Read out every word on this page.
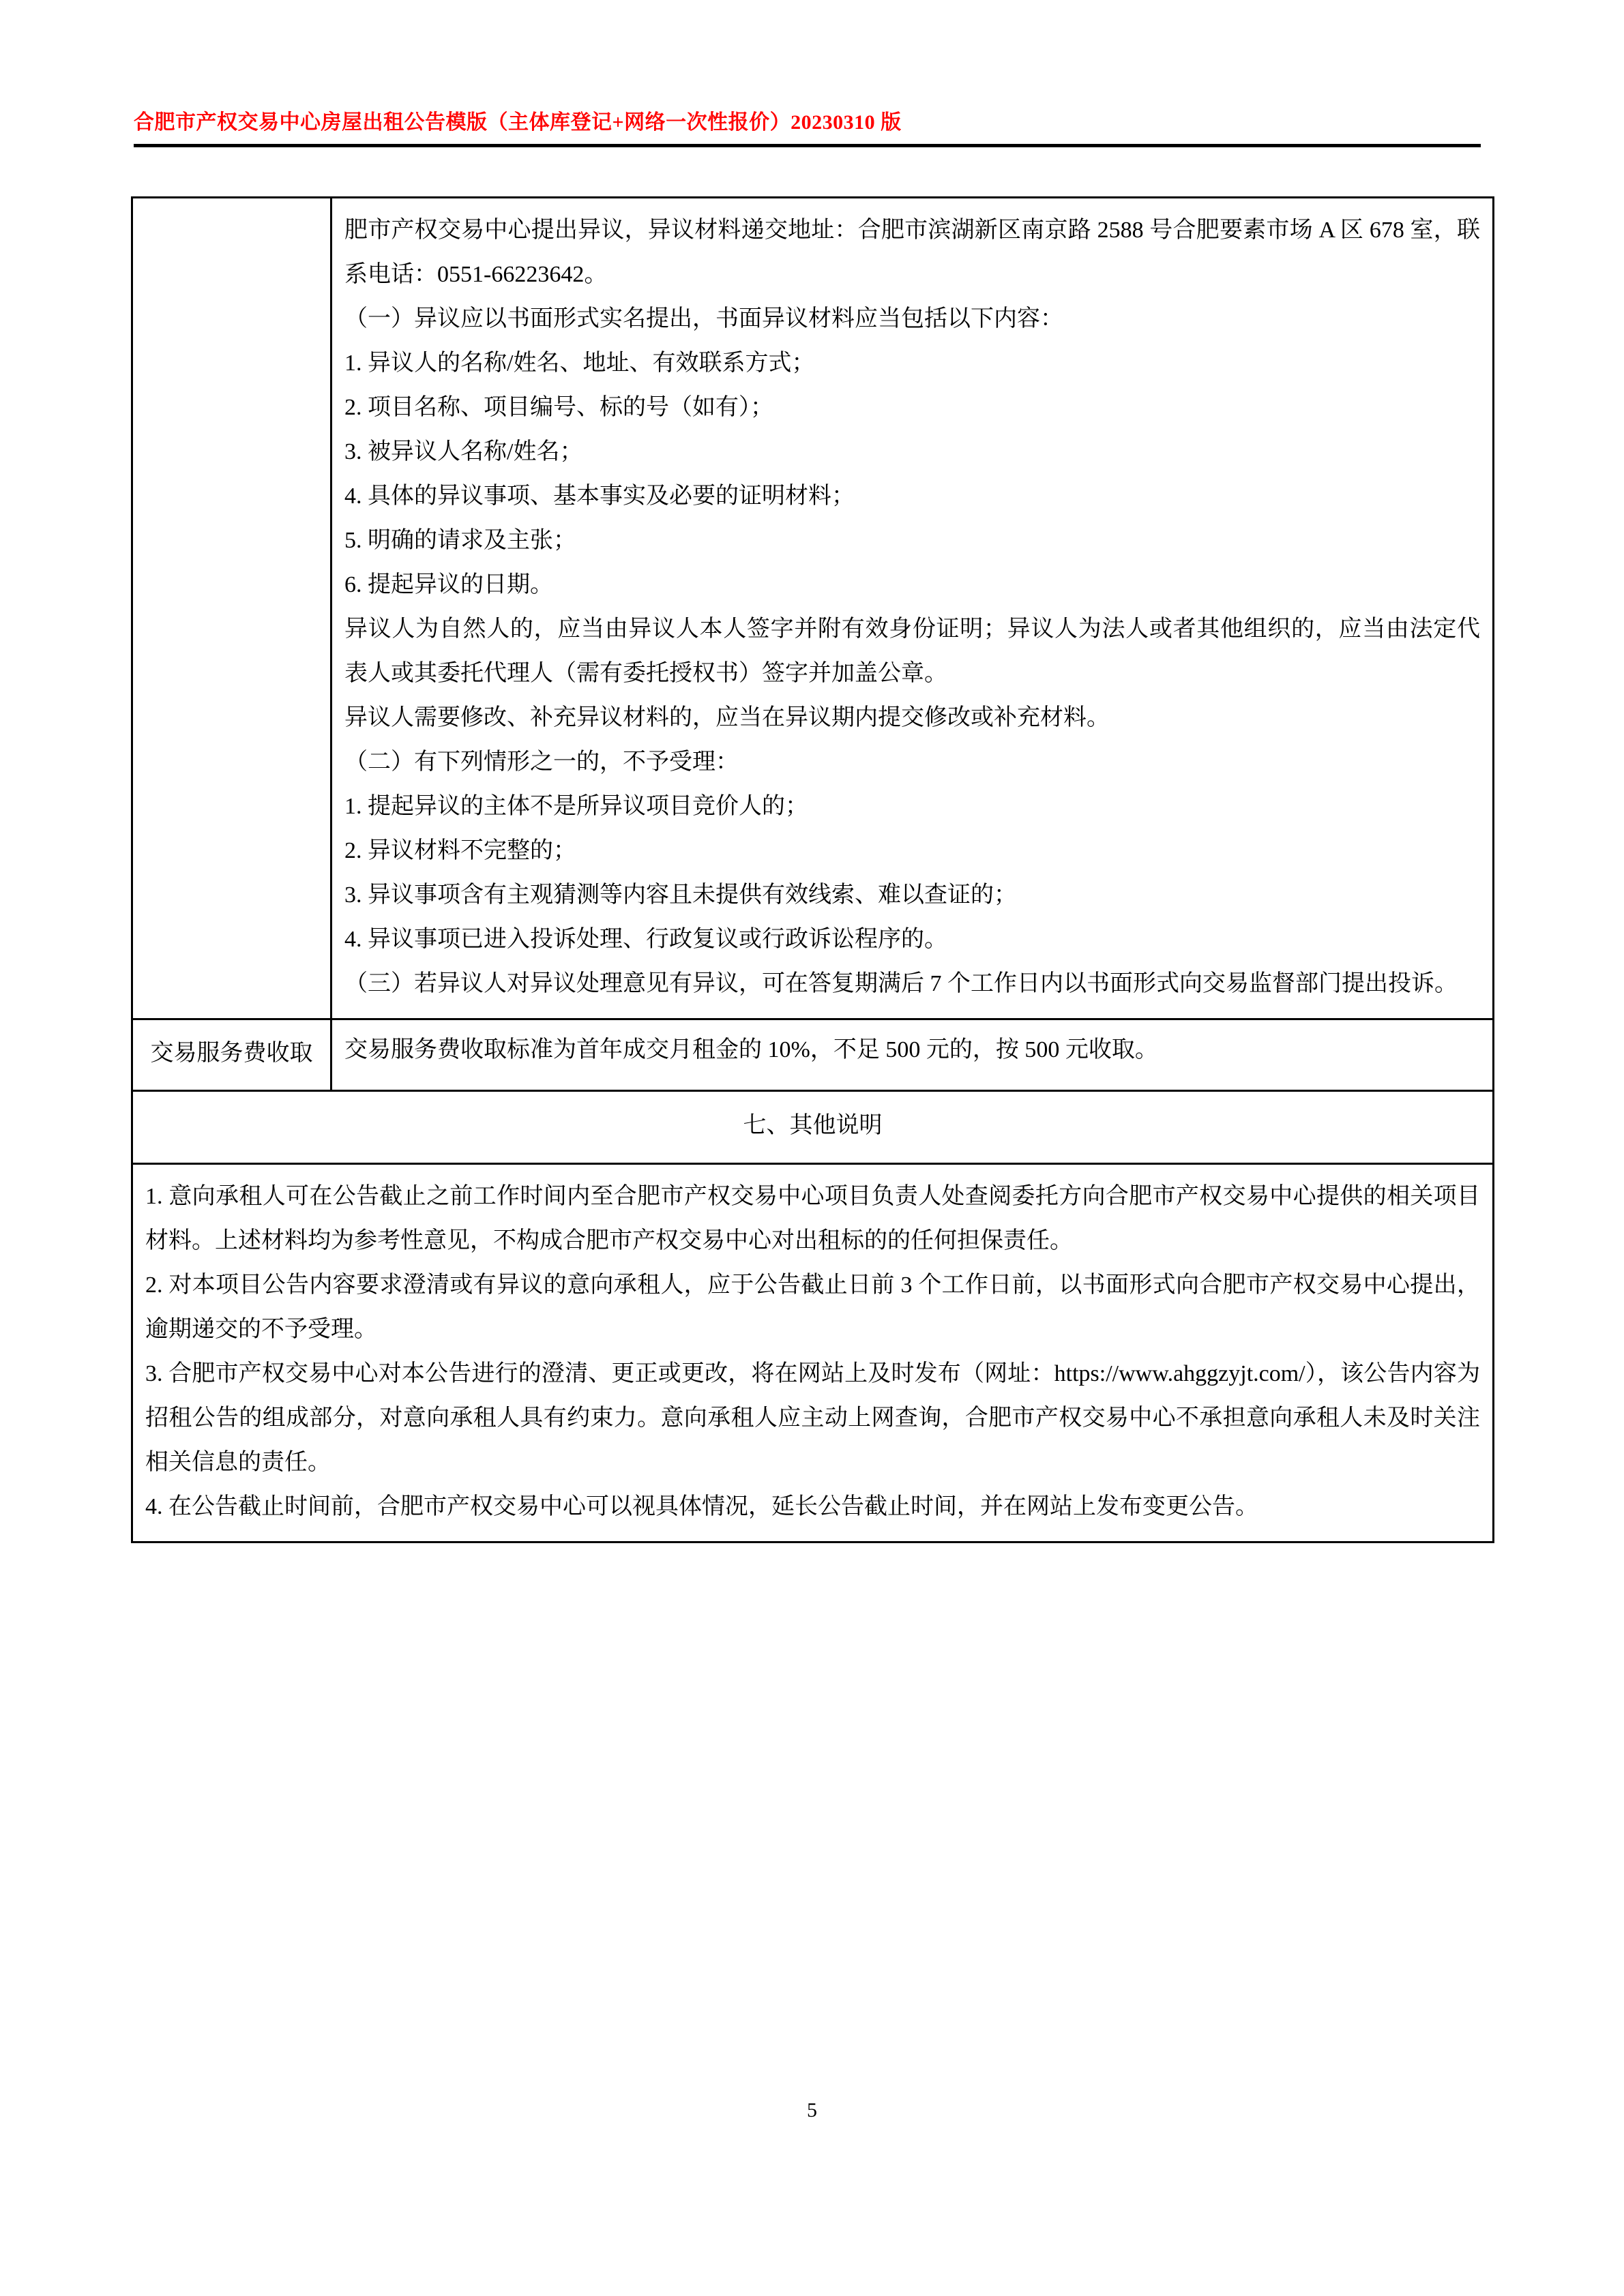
合肥市产权交易中心房屋出租公告模版（主体库登记+网络一次性报价）20230310 版

肥市产权交易中心提出异议，异议材料递交地址：合肥市滨湖新区南京路 2588 号合肥要素市场 A 区 678 室，联系电话：0551-66223642。

（一）异议应以书面形式实名提出，书面异议材料应当包括以下内容：

1. 异议人的名称/姓名、地址、有效联系方式；

2. 项目名称、项目编号、标的号（如有）；

3. 被异议人名称/姓名；

4. 具体的异议事项、基本事实及必要的证明材料；

5. 明确的请求及主张；

6. 提起异议的日期。

异议人为自然人的，应当由异议人本人签字并附有效身份证明；异议人为法人或者其他组织的，应当由法定代表人或其委托代理人（需有委托授权书）签字并加盖公章。

异议人需要修改、补充异议材料的，应当在异议期内提交修改或补充材料。

（二）有下列情形之一的，不予受理：

1. 提起异议的主体不是所异议项目竞价人的；

2. 异议材料不完整的；

3. 异议事项含有主观猜测等内容且未提供有效线索、难以查证的；

4. 异议事项已进入投诉处理、行政复议或行政诉讼程序的。

（三）若异议人对异议处理意见有异议，可在答复期满后 7 个工作日内以书面形式向交易监督部门提出投诉。

交易服务费收取	交易服务费收取标准为首年成交月租金的 10%，不足 500 元的，按 500 元收取。

七、其他说明	

1. 意向承租人可在公告截止之前工作时间内至合肥市产权交易中心项目负责人处查阅委托方向合肥市产权交易中心提供的相关项目材料。上述材料均为参考性意见，不构成合肥市产权交易中心对出租标的的任何担保责任。

2. 对本项目公告内容要求澄清或有异议的意向承租人，应于公告截止日前 3 个工作日前，以书面形式向合肥市产权交易中心提出，逾期递交的不予受理。

3. 合肥市产权交易中心对本公告进行的澄清、更正或更改，将在网站上及时发布（网址：https://www.ahggzyjt.com/），该公告内容为招租公告的组成部分，对意向承租人具有约束力。意向承租人应主动上网查询，合肥市产权交易中心不承担意向承租人未及时关注相关信息的责任。

4. 在公告截止时间前，合肥市产权交易中心可以视具体情况，延长公告截止时间，并在网站上发布变更公告。	

5
